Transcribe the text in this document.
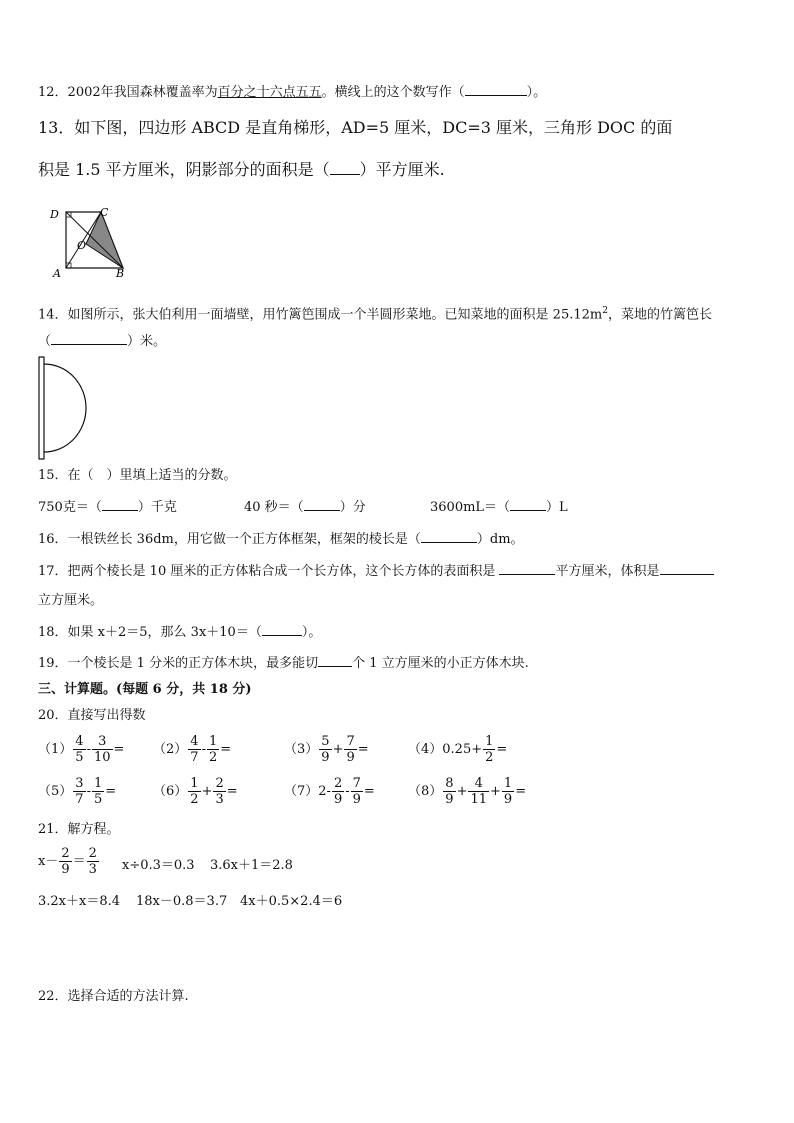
12．2002年我国森林覆盖率为百分之十六点五五。横线上的这个数写作（	）。
13．如下图，四边形 ABCD 是直角梯形，AD=5 厘米，DC=3 厘米，三角形 DOC 的面
积是 1.5 平方厘米，阴影部分的面积是（ ）平方厘米.
D	C
O
A	B
14．如图所示，张大伯利用一面墙壁，用竹篱笆围成一个半圆形菜地。已知菜地的面积是 $25.12m^2$，菜地的竹篱笆长
（	）米。
15．在（　）里填上适当的分数。
750克＝（	）千克	40 秒＝（	）分	3600mL＝（	）L
16．一根铁丝长 36dm，用它做一个正方体框架，框架的棱长是（	）dm。
17．把两个棱长是 10 厘米的正方体粘合成一个长方体，这个长方体的表面积是	平方厘米，体积是
立方厘米。
18．如果 x＋2＝5，那么 3x＋10＝（	）。
19．一个棱长是 1 分米的正方体木块，最多能切	个 1 立方厘米的小正方体木块.
三、计算题。(每题 6 分，共 18 分)
20．直接写出得数
$(1) \frac{4}{5} - \frac{3}{10} = (2) \frac{4}{7} - \frac{1}{2}$ =	$(3) \frac{5}{9} + \frac{7}{9}$ =	$(4)0.25+ \frac{1}{2}$ =
$(5) \frac{3}{7} - \frac{1}{5}$ =	$(6) \frac{1}{2} + \frac{2}{3}$ =	$(7)2- \frac{2}{9} - \frac{7}{9}$ =	$(8) \frac{8}{9} + \frac{4}{11} + \frac{1}{9}$ =
21．解方程。
$x- \frac{2}{9} = \frac{2}{3} x\div 0.3=0.3$ 3.6x＋1＝2.8
3.2x＋x＝8.4 18x－0.8＝3.7 4x＋0.5×2.4＝6
22．选择合适的方法计算.
